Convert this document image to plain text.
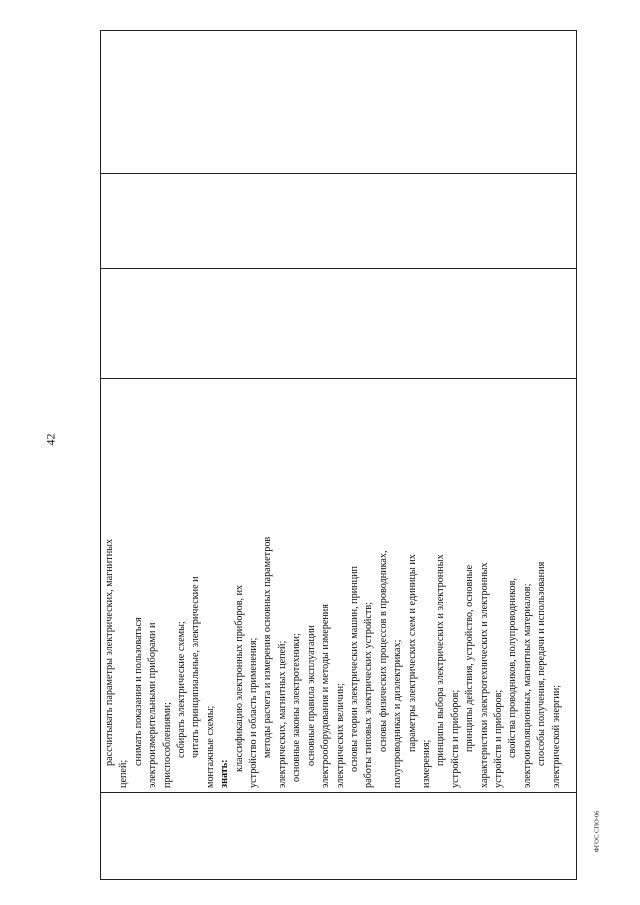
42
рассчитывать параметры электрических, магнитных
цепей;
снимать показания и пользоваться электроизмерительными приборами и приспособлениями; собирать электрические схемы; читать принципиальные, электрические и монтажные схемы; знать:
классификацию электронных приборов, их устройство и область применения; методы расчета и измерения основных параметров электрических, магнитных цепей; основные законы электротехники; основные правила эксплуатации электрооборудования и методы измерения электрических величин; основы теории электрических машин, принцип работы типовых электрических устройств; основы физических процессов в проводниках, полупроводниках и диэлектриках; параметры электрических схем и единицы их
измерения; принципы выбора электрических и электронных устройств и приборов; принципы действия, устройство, основные характеристики электротехнических и электронных устройств и приборов; свойства проводников, полупроводников, электроизоляционных, магнитных материалов; способы получения, передачи и использования электрической энергии;
ФГОС СПО-06
